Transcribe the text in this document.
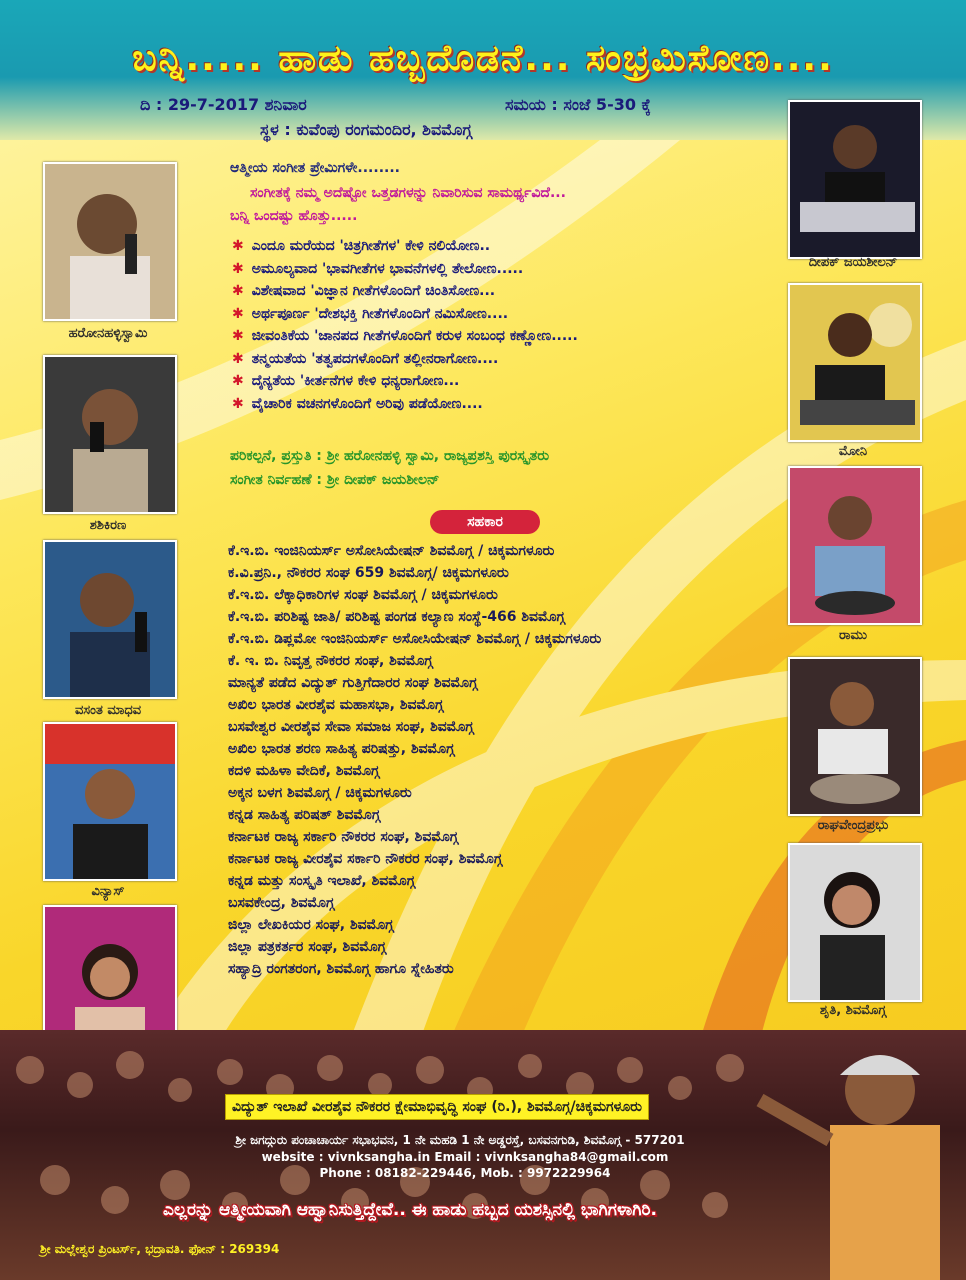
ಬನ್ನಿ..... ಹಾಡು ಹಬ್ಬದೊಡನೆ... ಸಂಭ್ರಮಿಸೋಣ....
ದಿ : 29-7-2017 ಶನಿವಾರ	ಸಮಯ : ಸಂಜೆ 5-30 ಕ್ಕೆ
ಸ್ಥಳ : ಕುವೆಂಪು ರಂಗಮಂದಿರ, ಶಿವಮೊಗ್ಗ
ಹರೋನಹಳ್ಳಿಸ್ವಾಮಿ
ಶಶಿಕಿರಣ
ವಸಂತ ಮಾಧವ
ವಿನ್ಯಾಸ್
ದೀಪಕ್ ಜಯಶೀಲನ್
ಮೋನಿ
ರಾಮು
ರಾಘವೇಂದ್ರಪ್ರಭು
ಶೃತಿ, ಶಿವಮೊಗ್ಗ
ಆತ್ಮೀಯ ಸಂಗೀತ ಪ್ರೇಮಿಗಳೇ........
ಸಂಗೀತಕ್ಕೆ ನಮ್ಮ ಅದೆಷ್ಟೋ ಒತ್ತಡಗಳನ್ನು ನಿವಾರಿಸುವ ಸಾಮರ್ಥ್ಯವಿದೆ...
ಬನ್ನಿ ಒಂದಷ್ಟು ಹೊತ್ತು.....
✱ ಎಂದೂ ಮರೆಯದ 'ಚಿತ್ರಗೀತೆಗಳ' ಕೇಳಿ ನಲಿಯೋಣ..
✱ ಅಮೂಲ್ಯವಾದ 'ಭಾವಗೀತೆಗಳ ಭಾವನೆಗಳಲ್ಲಿ ತೇಲೋಣ.....
✱ ವಿಶೇಷವಾದ 'ವಿಜ್ಞಾನ ಗೀತೆಗಳೊಂದಿಗೆ ಚಿಂತಿಸೋಣ...
✱ ಅರ್ಥಪೂರ್ಣ 'ದೇಶಭಕ್ತಿ ಗೀತೆಗಳೊಂದಿಗೆ ನಮಿಸೋಣ....
✱ ಜೀವಂತಿಕೆಯ 'ಜಾನಪದ ಗೀತೆಗಳೊಂದಿಗೆ ಕರುಳ ಸಂಬಂಧ ಕಣ್ಣೋಣ.....
✱ ತನ್ಮಯತೆಯ 'ತತ್ವಪದಗಳೊಂದಿಗೆ ತಲ್ಲೀನರಾಗೋಣ....
✱ ದೈನ್ಯತೆಯ 'ಕೀರ್ತನೆಗಳ ಕೇಳಿ ಧನ್ಯರಾಗೋಣ...
✱ ವೈಚಾರಿಕ ವಚನಗಳೊಂದಿಗೆ ಅರಿವು ಪಡೆಯೋಣ....
ಪರಿಕಲ್ಪನೆ, ಪ್ರಸ್ತುತಿ : ಶ್ರೀ ಹರೋನಹಳ್ಳಿ ಸ್ವಾಮಿ, ರಾಜ್ಯಪ್ರಶಸ್ತಿ ಪುರಸ್ಕೃತರು
ಸಂಗೀತ ನಿರ್ವಹಣೆ : ಶ್ರೀ ದೀಪಕ್ ಜಯಶೀಲನ್
ಸಹಕಾರ
ಕೆ.ಇ.ಬಿ. ಇಂಜಿನಿಯರ್ಸ್ ಅಸೋಸಿಯೇಷನ್ ಶಿವಮೊಗ್ಗ / ಚಿಕ್ಕಮಗಳೂರು
ಕ.ವಿ.ಪ್ರನಿ., ನೌಕರರ ಸಂಘ 659 ಶಿವಮೊಗ್ಗ/ ಚಿಕ್ಕಮಗಳೂರು
ಕೆ.ಇ.ಬಿ. ಲೆಕ್ಕಾಧಿಕಾರಿಗಳ ಸಂಘ ಶಿವಮೊಗ್ಗ / ಚಿಕ್ಕಮಗಳೂರು
ಕೆ.ಇ.ಬಿ. ಪರಿಶಿಷ್ಟ ಜಾತಿ/ ಪರಿಶಿಷ್ಟ ಪಂಗಡ ಕಲ್ಯಾಣ ಸಂಸ್ಥೆ-466 ಶಿವಮೊಗ್ಗ
ಕೆ.ಇ.ಬಿ. ಡಿಪ್ಲಮೋ ಇಂಜಿನಿಯರ್ಸ್ ಅಸೋಸಿಯೇಷನ್ ಶಿವಮೊಗ್ಗ / ಚಿಕ್ಕಮಗಳೂರು
ಕೆ. ಇ. ಬಿ. ನಿವೃತ್ತ ನೌಕರರ ಸಂಘ, ಶಿವಮೊಗ್ಗ
ಮಾನ್ಯತೆ ಪಡೆದ ವಿದ್ಯುತ್ ಗುತ್ತಿಗೆದಾರರ ಸಂಘ ಶಿವಮೊಗ್ಗ
ಅಖಿಲ ಭಾರತ ವೀರಶೈವ ಮಹಾಸಭಾ, ಶಿವಮೊಗ್ಗ
ಬಸವೇಶ್ವರ ವೀರಶೈವ ಸೇವಾ ಸಮಾಜ ಸಂಘ, ಶಿವಮೊಗ್ಗ
ಅಖಿಲ ಭಾರತ ಶರಣ ಸಾಹಿತ್ಯ ಪರಿಷತ್ತು, ಶಿವಮೊಗ್ಗ
ಕದಳಿ ಮಹಿಳಾ ವೇದಿಕೆ, ಶಿವಮೊಗ್ಗ
ಅಕ್ಕನ ಬಳಗ ಶಿವಮೊಗ್ಗ / ಚಿಕ್ಕಮಗಳೂರು
ಕನ್ನಡ ಸಾಹಿತ್ಯ ಪರಿಷತ್ ಶಿವಮೊಗ್ಗ
ಕರ್ನಾಟಕ ರಾಜ್ಯ ಸರ್ಕಾರಿ ನೌಕರರ ಸಂಘ, ಶಿವಮೊಗ್ಗ
ಕರ್ನಾಟಕ ರಾಜ್ಯ ವೀರಶೈವ ಸರ್ಕಾರಿ ನೌಕರರ ಸಂಘ, ಶಿವಮೊಗ್ಗ
ಕನ್ನಡ ಮತ್ತು ಸಂಸ್ಕೃತಿ ಇಲಾಖೆ, ಶಿವಮೊಗ್ಗ
ಬಸವಕೇಂದ್ರ, ಶಿವಮೊಗ್ಗ
ಜಿಲ್ಲಾ ಲೇಖಕಿಯರ ಸಂಘ, ಶಿವಮೊಗ್ಗ
ಜಿಲ್ಲಾ ಪತ್ರಕರ್ತರ ಸಂಘ, ಶಿವಮೊಗ್ಗ
ಸಹ್ಯಾದ್ರಿ ರಂಗತರಂಗ, ಶಿವಮೊಗ್ಗ ಹಾಗೂ ಸ್ನೇಹಿತರು
ವಿದ್ಯುತ್ ಇಲಾಖೆ ವೀರಶೈವ ನೌಕರರ ಕ್ಷೇಮಾಭಿವೃದ್ಧಿ ಸಂಘ (ರಿ.), ಶಿವಮೊಗ್ಗ/ಚಿಕ್ಕಮಗಳೂರು
ಶ್ರೀ ಜಗದ್ಗುರು ಪಂಚಾಚಾರ್ಯ ಸಭಾಭವನ, 1 ನೇ ಮಹಡಿ 1 ನೇ ಅಡ್ಡರಸ್ತೆ, ಬಸವನಗುಡಿ, ಶಿವಮೊಗ್ಗ - 577201
website : vivnksangha.in Email : vivnksangha84@gmail.com
Phone : 08182-229446, Mob. : 9972229964
ಎಲ್ಲರನ್ನು ಆತ್ಮೀಯವಾಗಿ ಆಹ್ವಾನಿಸುತ್ತಿದ್ದೇವೆ.. ಈ ಹಾಡು ಹಬ್ಬದ ಯಶಸ್ಸಿನಲ್ಲಿ ಭಾಗಿಗಳಾಗಿರಿ.
ಶ್ರೀ ಮಲ್ಲೇಶ್ವರ ಪ್ರಿಂಟರ್ಸ್, ಭದ್ರಾವತಿ. ಫೋನ್ : 269394
